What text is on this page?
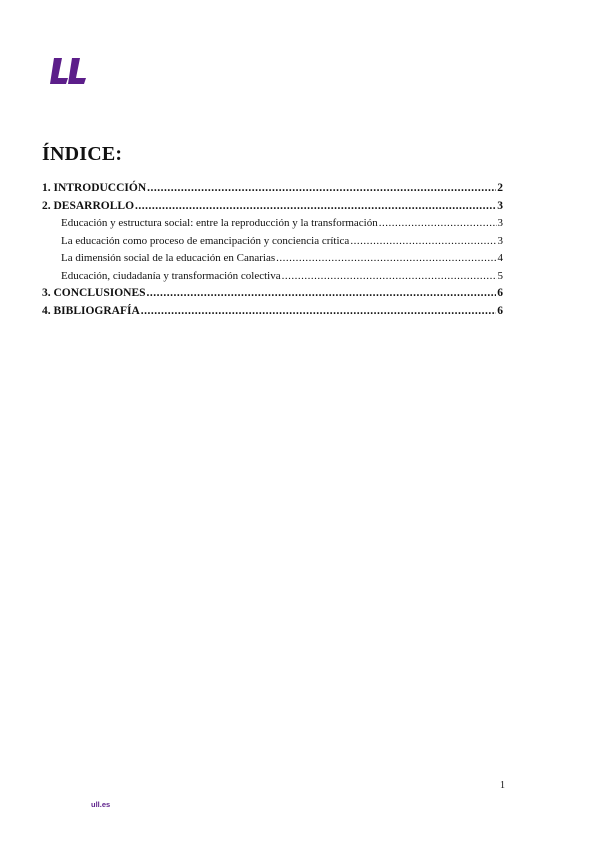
ÍNDICE:
1. INTRODUCCIÓN .....	2
2. DESARROLLO .....	3
Educación y estructura social: entre la reproducción y la transformación .....	3
La educación como proceso de emancipación y conciencia crítica .....	3
La dimensión social de la educación en Canarias .....	4
Educación, ciudadanía y transformación colectiva .....	5
3. CONCLUSIONES .....	6
4. BIBLIOGRAFÍA .....	6
1
ull.es
